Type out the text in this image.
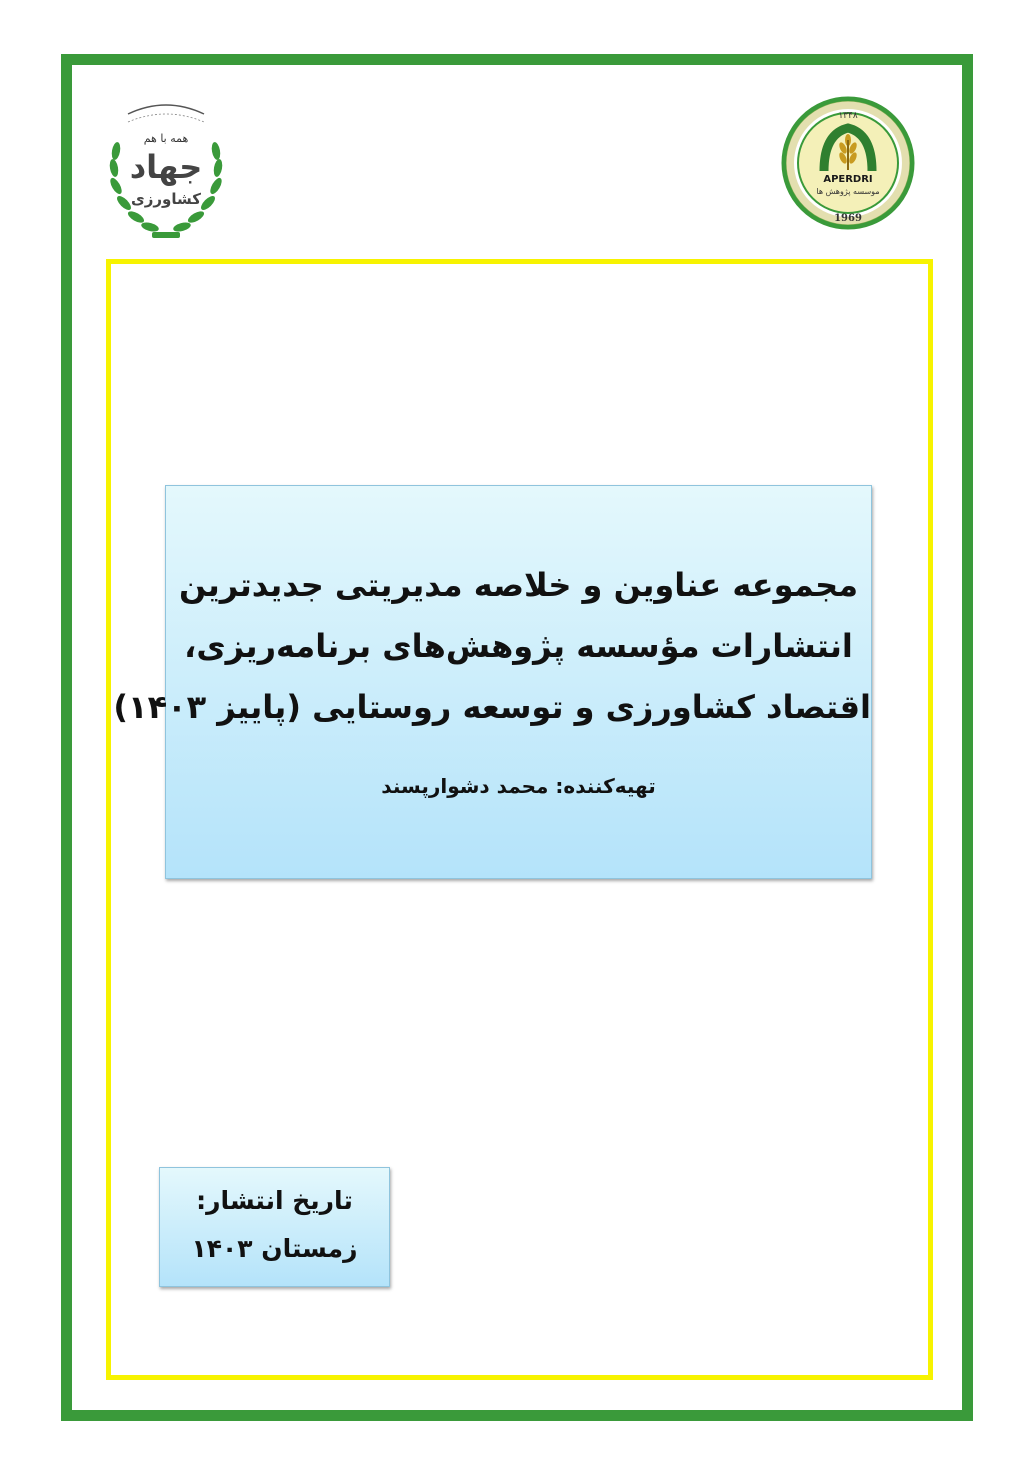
همه با هم
جهاد
کشاورزی
۱۳۴۸
APERDRI
موسسه پژوهش ها
1969
مجموعه عناوین و خلاصه مدیریتی جدیدترین
انتشارات مؤسسه پژوهش‌های برنامه‌ریزی،
اقتصاد کشاورزی و توسعه روستایی (پاییز ۱۴۰۳)
تهیه‌کننده: محمد دشوارپسند
تاریخ انتشار:
زمستان ۱۴۰۳
